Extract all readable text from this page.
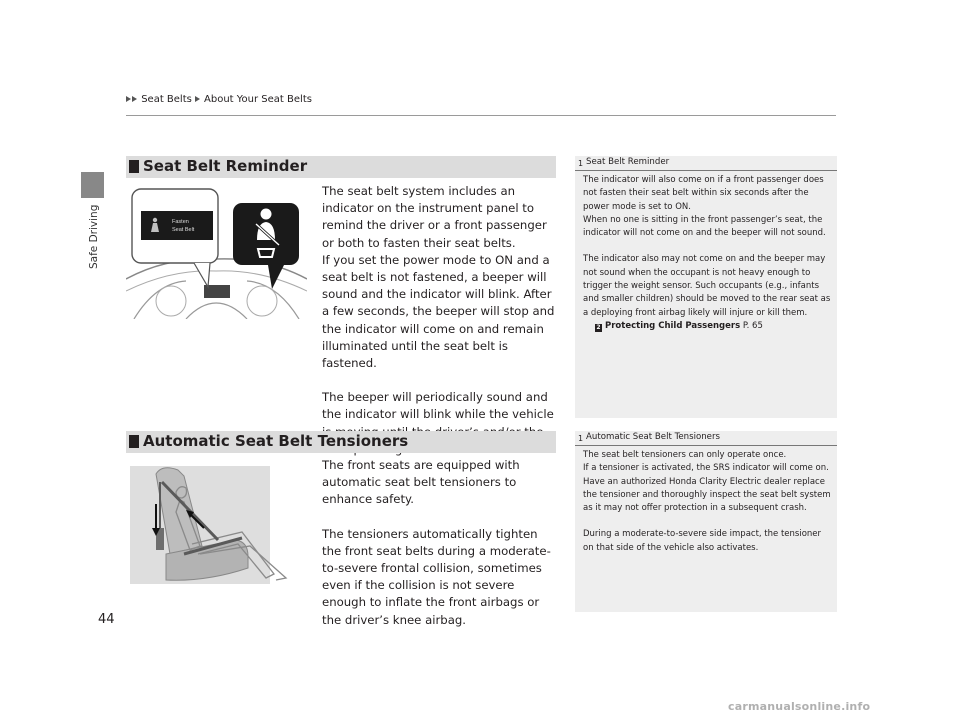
Safe Driving
Seat Belts About Your Seat Belts
Seat Belt Reminder
Fasten
Seat Belt

The seat belt system includes an indicator on the instrument panel to remind the driver or a front passenger or both to fasten their seat belts.

If you set the power mode to ON and a seat belt is not fastened, a beeper will sound and the indicator will blink. After a few seconds, the beeper will stop and the indicator will come on and remain illuminated until the seat belt is fastened.

The beeper will periodically sound and the indicator will blink while the vehicle

1 Seat Belt Reminder

The indicator will also come on if a front passenger does not fasten their seat belt within six seconds after the power mode is set to ON.

When no one is sitting in the front passenger’s seat, the indicator will not come on and the beeper will not sound.

The indicator also may not come on and the beeper may not sound when the occupant is not heavy enough to trigger the weight sensor. Such occupants (e.g., infants and smaller children) should be moved to the rear seat as a deploying front airbag likely will injure or kill them.

2 Protecting Child Passengers P. 65

Automatic Seat Belt Tensioners

The front seats are equipped with automatic seat belt tensioners to enhance safety.

The tensioners automatically tighten the front seat belts during a moderate-to-severe frontal collision, sometimes even if the collision is not severe enough to inflate the front airbags or the driver’s knee airbag.

1 Automatic Seat Belt Tensioners

The seat belt tensioners can only operate once.

If a tensioner is activated, the SRS indicator will come on. Have an authorized Honda Clarity Electric dealer replace the tensioner and thoroughly inspect the seat belt system as it may not offer protection in a subsequent crash.

During a moderate-to-severe side impact, the tensioner on that side of the vehicle also activates.

44
carmanualsonline.info
